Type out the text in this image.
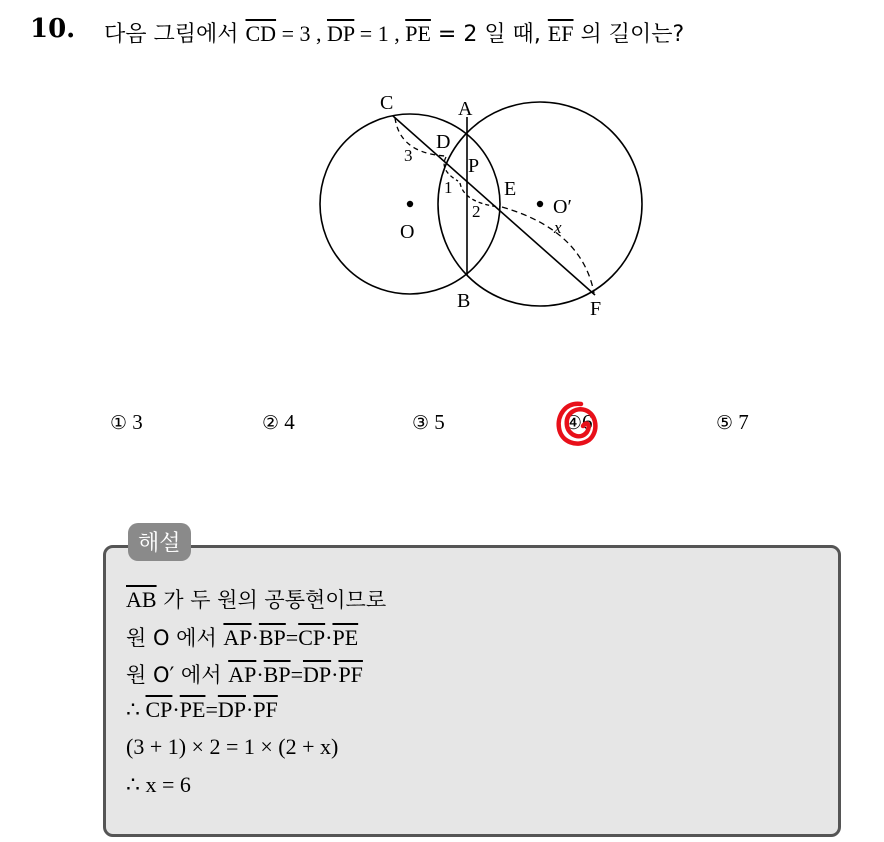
10. 다음 그림에서 $\overline{CD} = 3$ , $\overline{DP} = 1$ , $\overline{PE} = 2$ 일 때, $\overline{EF}$ 의 길이는?
C	A
D
P
E
O
O′
B	F
3
1
2
x
① 3	② 4	③ 5	④6	⑤ 7
해설
$\overline{AB}$ 가 두 원의 공통현이므로
원 O 에서 $\overline{AP}\cdot\overline{BP}=\overline{CP}\cdot\overline{PE}$
원 O′ 에서 $\overline{AP}\cdot\overline{BP}=\overline{DP}\cdot\overline{PF}$
∴ $\overline{CP}\cdot\overline{PE}=\overline{DP}\cdot\overline{PF}$
(3 + 1) × 2 = 1 × (2 + x)
∴ x = 6
